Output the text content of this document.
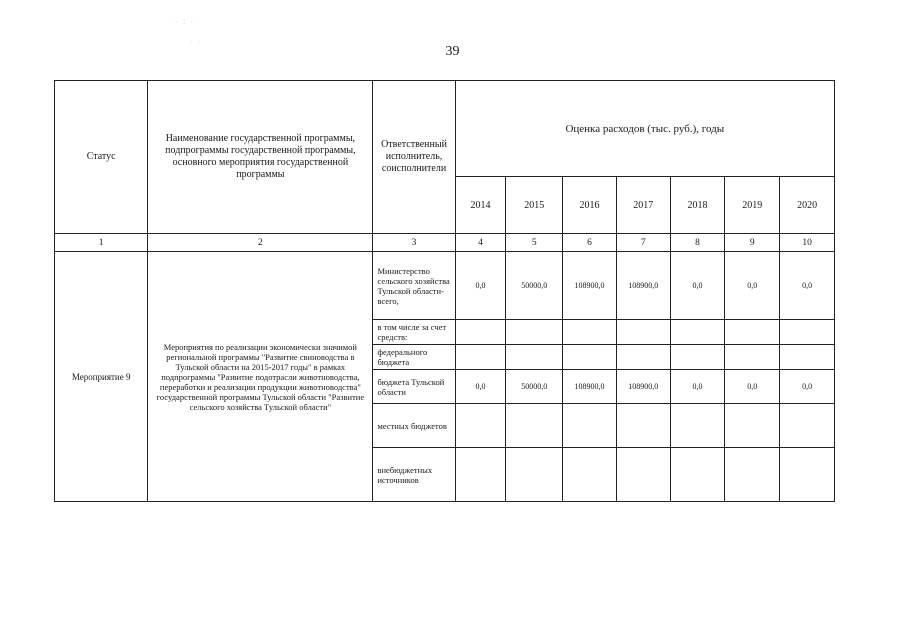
· : ·
· ·
39
Статус	Наименование государственной программы, подпрограммы государственной программы, основного мероприятия государственной программы	Ответственный исполнитель, соисполнители	Оценка расходов (тыс. руб.), годы						
			2014	2015	2016	2017	2018	2019	2020
1	2	3	4	5	6	7	8	9	10
Мероприятие 9	Мероприятия по реализации экономически значимой региональной программы "Развитие свиноводства в Тульской области на 2015-2017 годы" в рамках подпрограммы "Развитие подотрасли животноводства, переработки и реализации продукции животноводства" государственной программы Тульской области "Развитие сельского хозяйства Тульской области"	Министерство сельского хозяйства Тульской области- всего,	0,0	50000,0	108900,0	108900,0	0,0	0,0	0,0
		в том числе за счет средств:							
		федерального бюджета							
		бюджета Тульской области	0,0	50000,0	108900,0	108900,0	0,0	0,0	0,0
		местных бюджетов							
		внебюджетных источников							
